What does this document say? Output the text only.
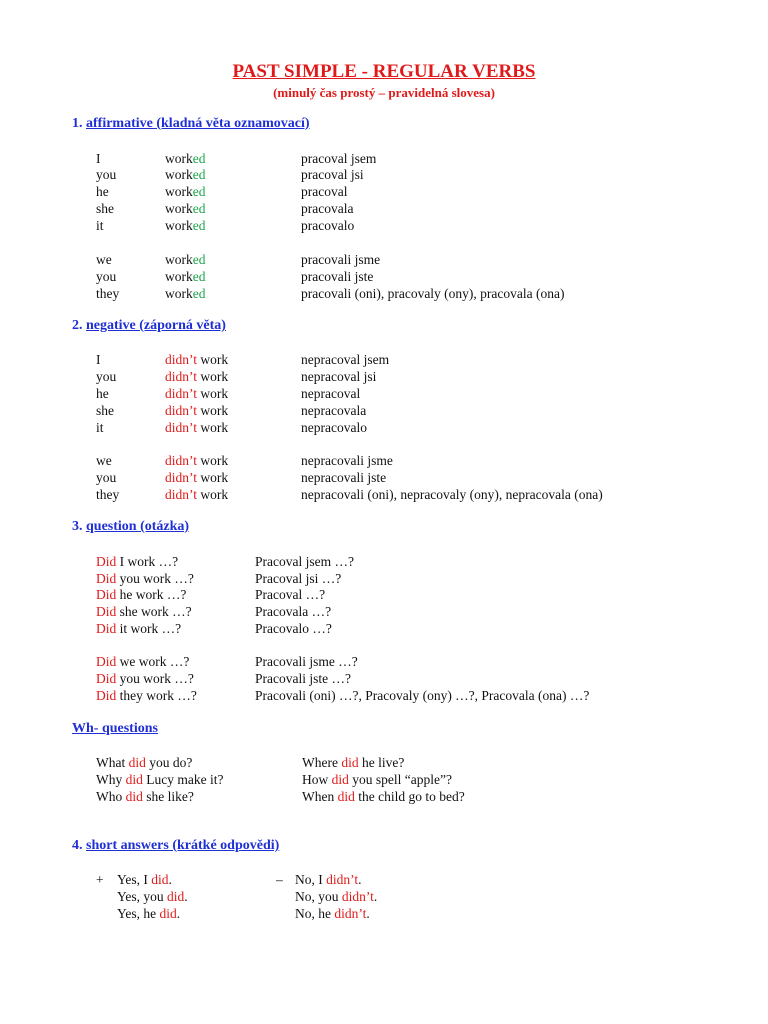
PAST SIMPLE - REGULAR VERBS
(minulý čas prostý – pravidelná slovesa)
1. affirmative (kladná věta oznamovací)
I	worked	pracoval jsem
you	worked	pracoval jsi
he	worked	pracoval
she	worked	pracovala
it	worked	pracovalo
we	worked	pracovali jsme
you	worked	pracovali jste
they	worked	pracovali (oni), pracovaly (ony), pracovala (ona)
2. negative (záporná věta)
I	didn’t work	nepracoval jsem
you	didn’t work	nepracoval jsi
he	didn’t work	nepracoval
she	didn’t work	nepracovala
it	didn’t work	nepracovalo
we	didn’t work	nepracovali jsme
you	didn’t work	nepracovali jste
they	didn’t work	nepracovali (oni), nepracovaly (ony), nepracovala (ona)
3. question (otázka)
Did I work …?	Pracoval jsem …?
Did you work …?	Pracoval jsi …?
Did he work …?	Pracoval …?
Did she work …?	Pracovala …?
Did it work …?	Pracovalo …?
Did we work …?	Pracovali jsme …?
Did you work …?	Pracovali jste …?
Did they work …?	Pracovali (oni) …?, Pracovaly (ony) …?, Pracovala (ona) …?
Wh- questions
What did you do?	Where did he live?
Why did Lucy make it?	How did you spell “apple”?
Who did she like?	When did the child go to bed?
4. short answers (krátké odpovědi)
+	–
Yes, I did.	No, I didn’t.
Yes, you did.	No, you didn’t.
Yes, he did.	No, he didn’t.
